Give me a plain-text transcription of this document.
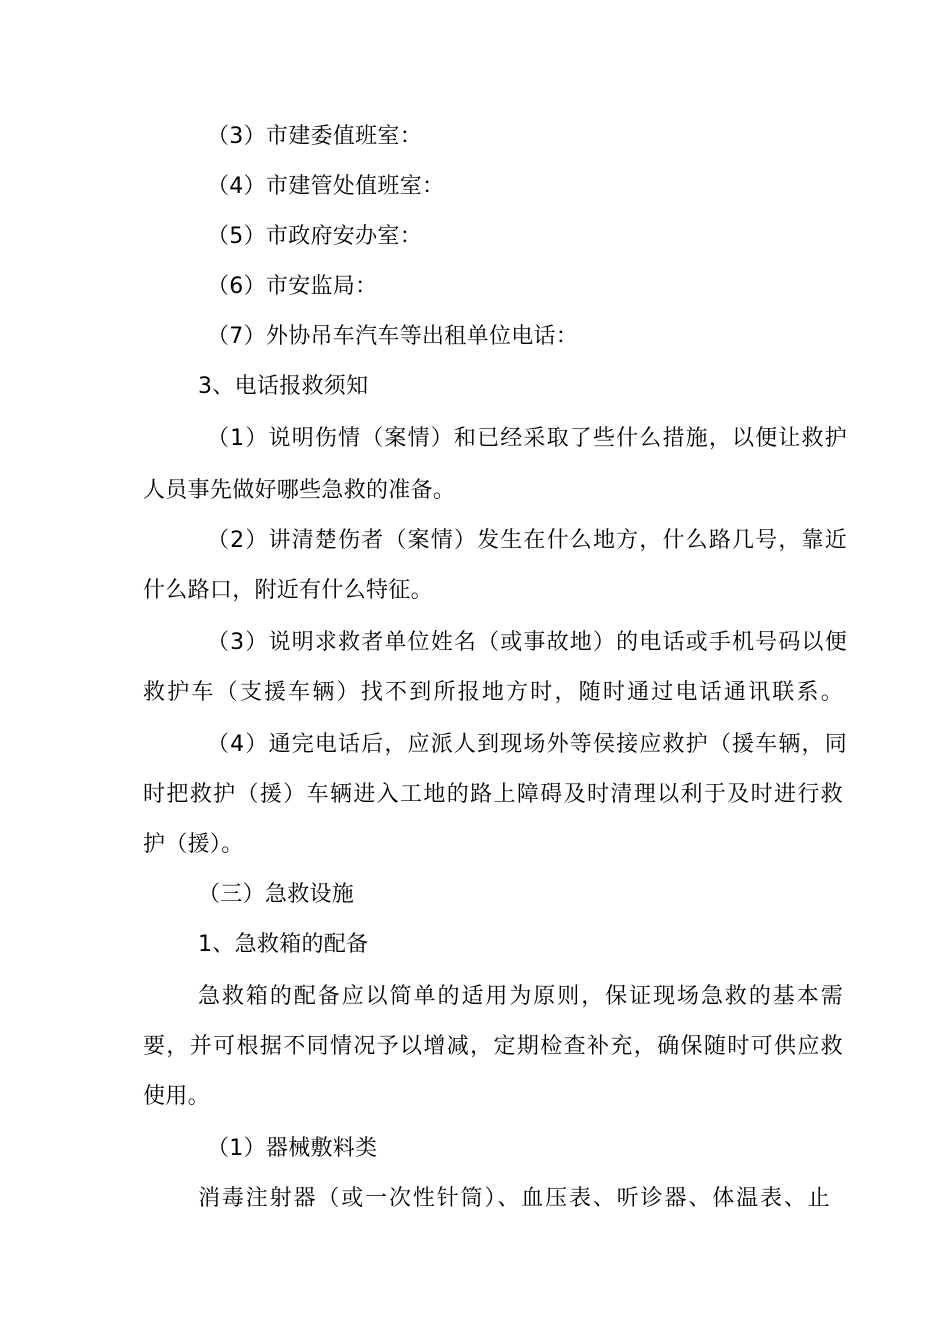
（3）市建委值班室：
（4）市建管处值班室：
（5）市政府安办室：
（6）市安监局：
（7）外协吊车汽车等出租单位电话：
3、电话报救须知
（1）说明伤情（案情）和已经采取了些什么措施，以便让救护
人员事先做好哪些急救的准备。
（2）讲清楚伤者（案情）发生在什么地方，什么路几号，靠近
什么路口，附近有什么特征。
（3）说明求救者单位姓名（或事故地）的电话或手机号码以便
救护车（支援车辆）找不到所报地方时，随时通过电话通讯联系。
（4）通完电话后，应派人到现场外等侯接应救护（援车辆，同
时把救护（援）车辆进入工地的路上障碍及时清理以利于及时进行救
护（援）。
（三）急救设施
1、急救箱的配备
急救箱的配备应以简单的适用为原则，保证现场急救的基本需
要，并可根据不同情况予以增减，定期检查补充，确保随时可供应救
使用。
（1）器械敷料类
消毒注射器（或一次性针筒）、血压表、听诊器、体温表、止
